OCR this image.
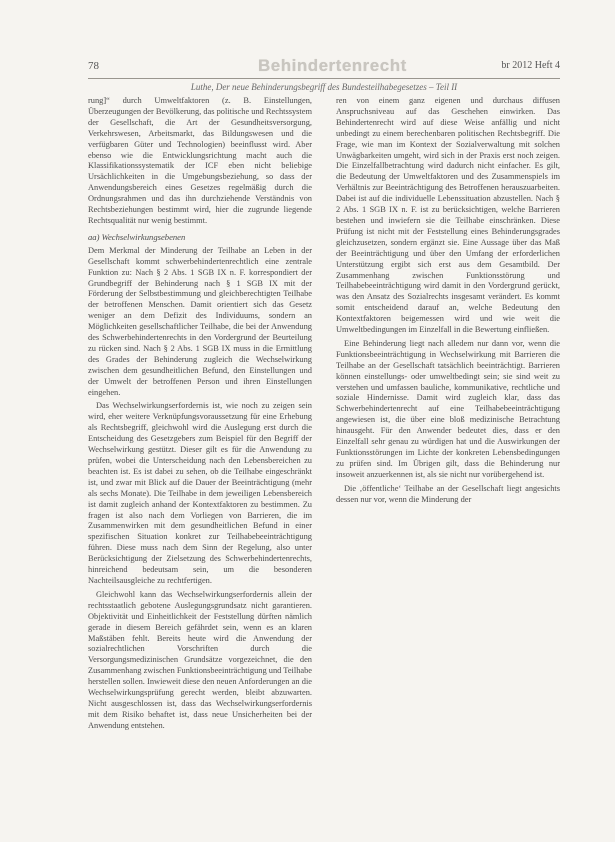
78	Behindertenrecht	br 2012 Heft 4
Luthe, Der neue Behinderungsbegriff des Bundesteilhabegesetzes – Teil II

rung]“ durch Umweltfaktoren (z. B. Einstellungen, Überzeugungen der Bevölkerung, das politische und Rechtssystem der Gesellschaft, die Art der Gesundheitsversorgung, Verkehrswesen, Arbeitsmarkt, das Bildungswesen und die verfügbaren Güter und Technologien) beeinflusst wird. Aber ebenso wie die Entwicklungsrichtung macht auch die Klassifikationssystematik der ICF eben nicht beliebige Ursächlichkeiten in die Umgebungsbeziehung, so dass der Anwendungsbereich eines Gesetzes regelmäßig durch die Ordnungsrahmen und das ihn durchziehende Verständnis von Rechtsbeziehungen bestimmt wird, hier die zugrunde liegende Rechtsqualität nur wenig bestimmt.

aa) Wechselwirkungsebenen

Dem Merkmal der Minderung der Teilhabe an Leben in der Gesellschaft kommt schwerbehindertenrechtlich eine zentrale Funktion zu: Nach § 2 Abs. 1 SGB IX n. F. korrespondiert der Grundbegriff der Behinderung nach § 1 SGB IX mit der Förderung der Selbstbestimmung und gleichberechtigten Teilhabe der betroffenen Menschen. Damit orientiert sich das Gesetz weniger an dem Defizit des Individuums, sondern an Möglichkeiten gesellschaftlicher Teilhabe, die bei der Anwendung des Schwerbehindertenrechts in den Vordergrund der Beurteilung zu rücken sind. Nach § 2 Abs. 1 SGB IX muss in die Ermittlung des Grades der Behinderung zugleich die Wechselwirkung zwischen dem gesundheitlichen Befund, den Einstellungen und der Umwelt der betroffenen Person und ihren Einstellungen eingehen.

Das Wechselwirkungserfordernis ist, wie noch zu zeigen sein wird, eher weitere Verknüpfungsvoraussetzung für eine Erhebung als Rechtsbegriff, gleichwohl wird die Auslegung erst durch die Entscheidung des Gesetzgebers zum Beispiel für den Begriff der Wechselwirkung gestützt. Dieser gilt es für die Anwendung zu prüfen, wobei die Unterscheidung nach den Lebensbereichen zu beachten ist. Es ist dabei zu sehen, ob die Teilhabe eingeschränkt ist, und zwar mit Blick auf die Dauer der Beeinträchtigung (mehr als sechs Monate). Die Teilhabe in dem jeweiligen Lebensbereich ist damit zugleich anhand der Kontextfaktoren zu bestimmen. Zu fragen ist also nach dem Vorliegen von Barrieren, die im Zusammenwirken mit dem gesundheitlichen Befund in einer spezifischen Situation konkret zur Teilhabebeeinträchtigung führen. Diese muss nach dem Sinn der Regelung, also unter Berücksichtigung der Zielsetzung des Schwerbehindertenrechts, hinreichend bedeutsam sein, um die besonderen Nachteilsausgleiche zu rechtfertigen.

Gleichwohl kann das Wechselwirkungserfordernis allein der rechtsstaatlich gebotene Auslegungsgrundsatz nicht garantieren. Objektivität und Einheitlichkeit der Feststellung dürften nämlich gerade in diesem Bereich gefährdet sein, wenn es an klaren Maßstäben fehlt. Bereits heute wird die Anwendung der sozialrechtlichen Vorschriften durch die Versorgungsmedizinischen Grundsätze vorgezeichnet, die den Zusammenhang zwischen Funktionsbeeinträchtigung und Teilhabe herstellen sollen. Inwieweit diese den neuen Anforderungen an die Wechselwirkungsprüfung gerecht werden, bleibt abzuwarten. Nicht ausgeschlossen ist, dass das Wechselwirkungserfordernis mit dem Risiko behaftet ist, dass neue Unsicherheiten bei der Anwendung entstehen.

ren von einem ganz eigenen und durchaus diffusen Anspruchsniveau auf das Geschehen einwirken. Das Behindertenrecht wird auf diese Weise anfällig und nicht unbedingt zu einem berechenbaren politischen Rechtsbegriff. Die Frage, wie man im Kontext der Sozialverwaltung mit solchen Unwägbarkeiten umgeht, wird sich in der Praxis erst noch zeigen. Die Einzelfallbetrachtung wird dadurch nicht einfacher. Es gilt, die Bedeutung der Umweltfaktoren und des Zusammenspiels im Verhältnis zur Beeinträchtigung des Betroffenen herauszuarbeiten. Dabei ist auf die individuelle Lebenssituation abzustellen. Nach § 2 Abs. 1 SGB IX n. F. ist zu berücksichtigen, welche Barrieren bestehen und inwiefern sie die Teilhabe einschränken. Diese Prüfung ist nicht mit der Feststellung eines Behinderungsgrades gleichzusetzen, sondern ergänzt sie. Eine Aussage über das Maß der Beeinträchtigung und über den Umfang der erforderlichen Unterstützung ergibt sich erst aus dem Gesamtbild. Der Zusammenhang zwischen Funktionsstörung und Teilhabebeeinträchtigung wird damit in den Vordergrund gerückt, was den Ansatz des Sozialrechts insgesamt verändert. Es kommt somit entscheidend darauf an, welche Bedeutung den Kontextfaktoren beigemessen wird und wie weit die Umweltbedingungen im Einzelfall in die Bewertung einfließen.

Eine Behinderung liegt nach alledem nur dann vor, wenn die Funktionsbeeinträchtigung in Wechselwirkung mit Barrieren die Teilhabe an der Gesellschaft tatsächlich beeinträchtigt. Barrieren können einstellungs- oder umweltbedingt sein; sie sind weit zu verstehen und umfassen bauliche, kommunikative, rechtliche und soziale Hindernisse. Damit wird zugleich klar, dass das Schwerbehindertenrecht auf eine Teilhabebeeinträchtigung angewiesen ist, die über eine bloß medizinische Betrachtung hinausgeht. Für den Anwender bedeutet dies, dass er den Einzelfall sehr genau zu würdigen hat und die Auswirkungen der Funktionsstörungen im Lichte der konkreten Lebensbedingungen zu prüfen sind. Im Übrigen gilt, dass die Behinderung nur insoweit anzuerkennen ist, als sie nicht nur vorübergehend ist.

Die ‚öffentliche‘ Teilhabe an der Gesellschaft liegt angesichts dessen nur vor, wenn die Minderung der
